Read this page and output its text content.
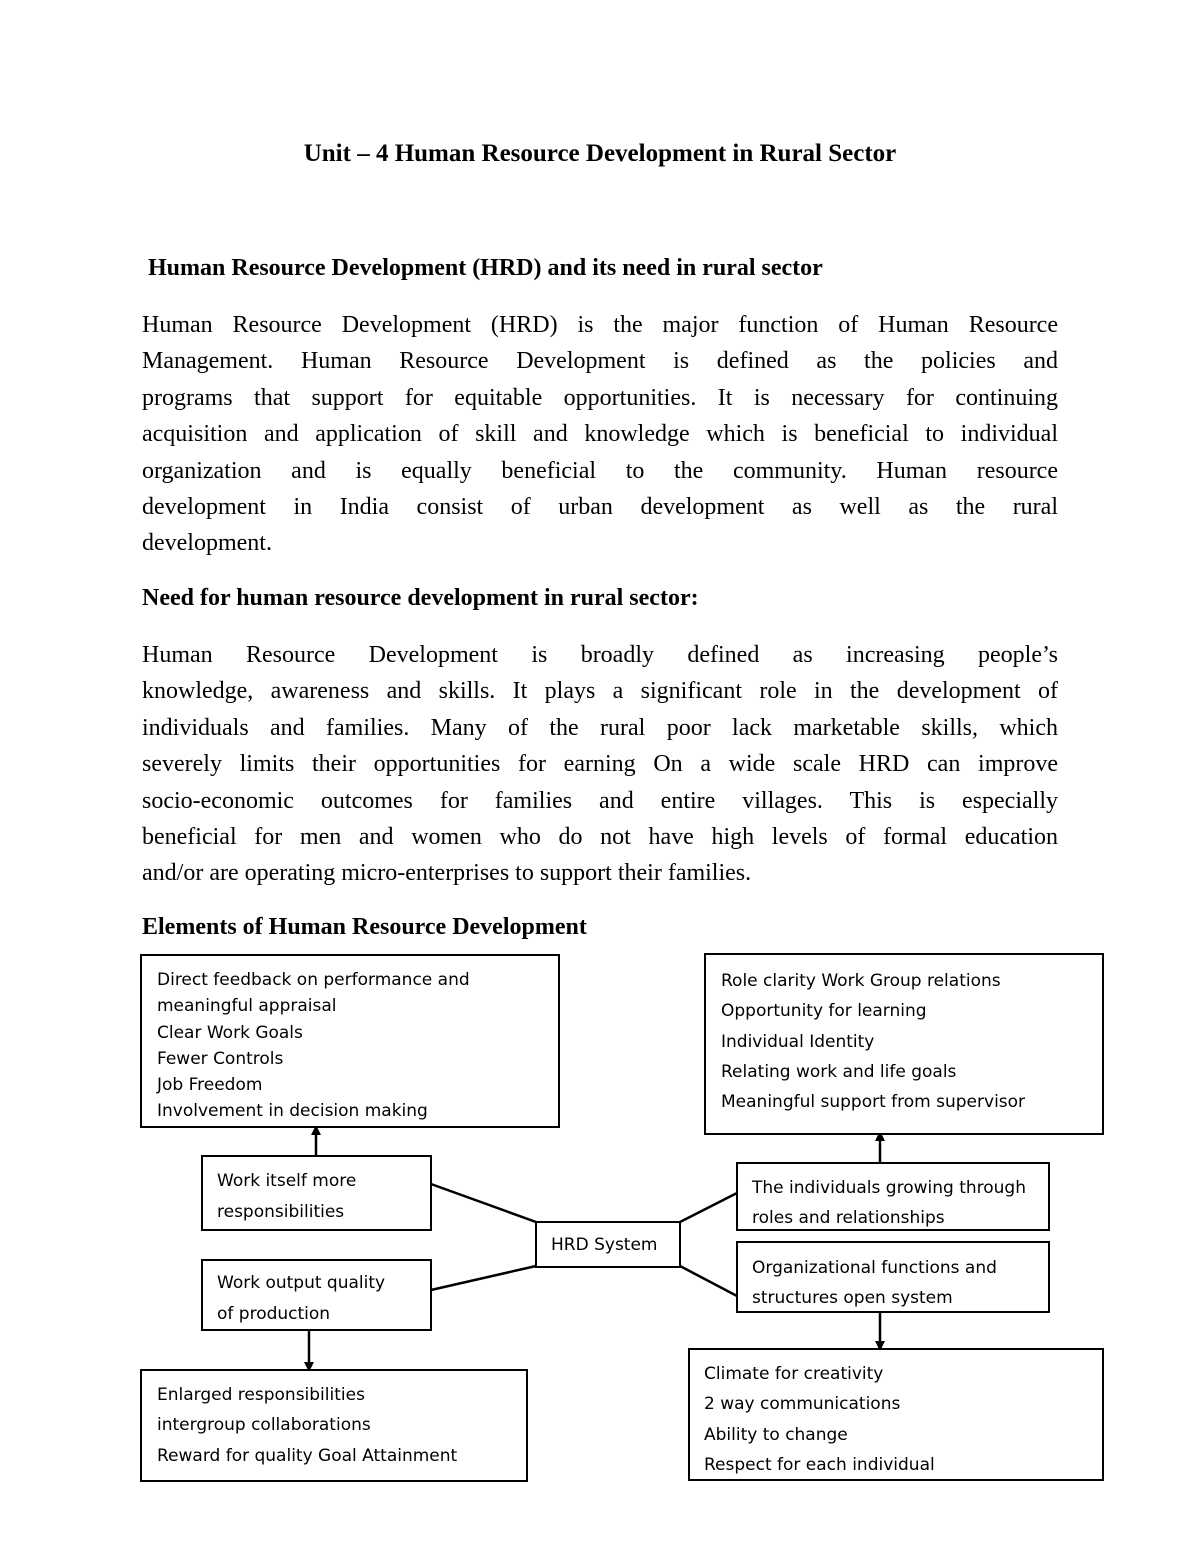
Unit – 4 Human Resource Development in Rural Sector
Human Resource Development (HRD) and its need in rural sector
Human Resource Development (HRD) is the major function of Human Resource
Management. Human Resource Development is defined as the policies and
programs that support for equitable opportunities. It is necessary for continuing
acquisition and application of skill and knowledge which is beneficial to individual
organization and is equally beneficial to the community. Human resource
development in India consist of urban development as well as the rural
development.
Need for human resource development in rural sector:
Human Resource Development is broadly defined as increasing people’s
knowledge, awareness and skills. It plays a significant role in the development of
individuals and families. Many of the rural poor lack marketable skills, which
severely limits their opportunities for earning On a wide scale HRD can improve
socio-economic outcomes for families and entire villages. This is especially
beneficial for men and women who do not have high levels of formal education
and/or are operating micro-enterprises to support their families.
Elements of Human Resource Development
Direct feedback on performance and
meaningful appraisal
Clear Work Goals
Fewer Controls
Job Freedom
Involvement in decision making
Role clarity Work Group relations
Opportunity for learning
Individual Identity
Relating work and life goals
Meaningful support from supervisor
Work itself more
responsibilities
Work output quality
of production
HRD System
The individuals growing through
roles and relationships
Organizational functions and
structures open system
Enlarged responsibilities
intergroup collaborations
Reward for quality Goal Attainment
Climate for creativity
2 way communications
Ability to change
Respect for each individual
